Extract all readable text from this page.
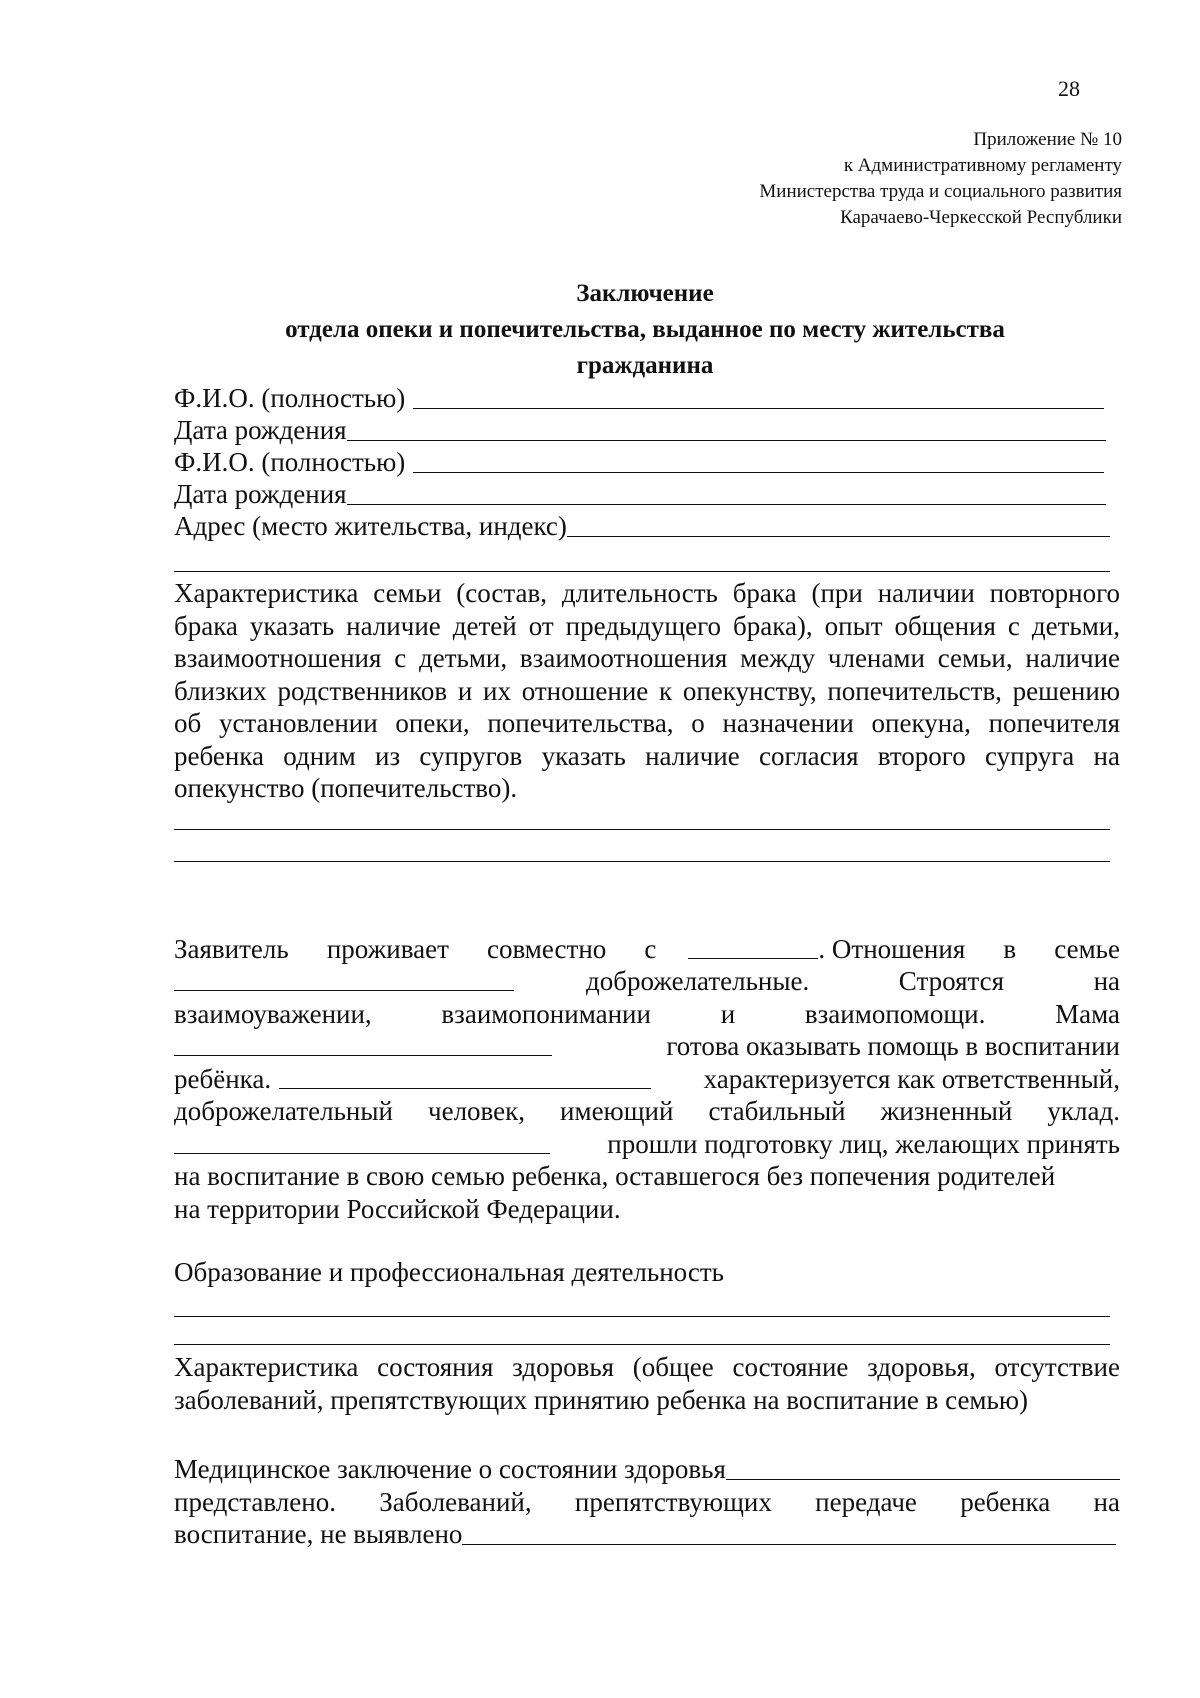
28
Приложение № 10
к Административному регламенту
Министерства труда и социального развития
Карачаево-Черкесской Республики
Заключение
отдела опеки и попечительства, выданное по месту жительства
гражданина
Ф.И.О. (полностью)
Дата рождения
Ф.И.О. (полностью)
Дата рождения
Адрес (место жительства, индекс)
Характеристика семьи (состав, длительность брака (при наличии повторного брака указать наличие детей от предыдущего брака), опыт общения с детьми, взаимоотношения с детьми, взаимоотношения между членами семьи, наличие близких родственников и их отношение к опекунству, попечительств, решению об установлении опеки, попечительства, о назначении опекуна, попечителя ребенка одним из супругов указать наличие согласия второго супруга на опекунство (попечительство).
Заявитель проживает совместно с	. Отношения в семье
доброжелательные.	Строятся	на
взаимоуважении,	взаимопонимании	и	взаимопомощи.	Мама
готова оказывать помощь в воспитании
ребёнка.	характеризуется как ответственный,
доброжелательный человек, имеющий стабильный жизненный уклад.
прошли подготовку лиц, желающих принять
на воспитание в свою семью ребенка, оставшегося без попечения родителей
на территории Российской Федерации.
Образование и профессиональная деятельность
Характеристика состояния здоровья (общее состояние здоровья, отсутствие заболеваний, препятствующих принятию ребенка на воспитание в семью)
Медицинское заключение о состоянии здоровья
представлено. Заболеваний, препятствующих передаче ребенка на
воспитание, не выявлено
